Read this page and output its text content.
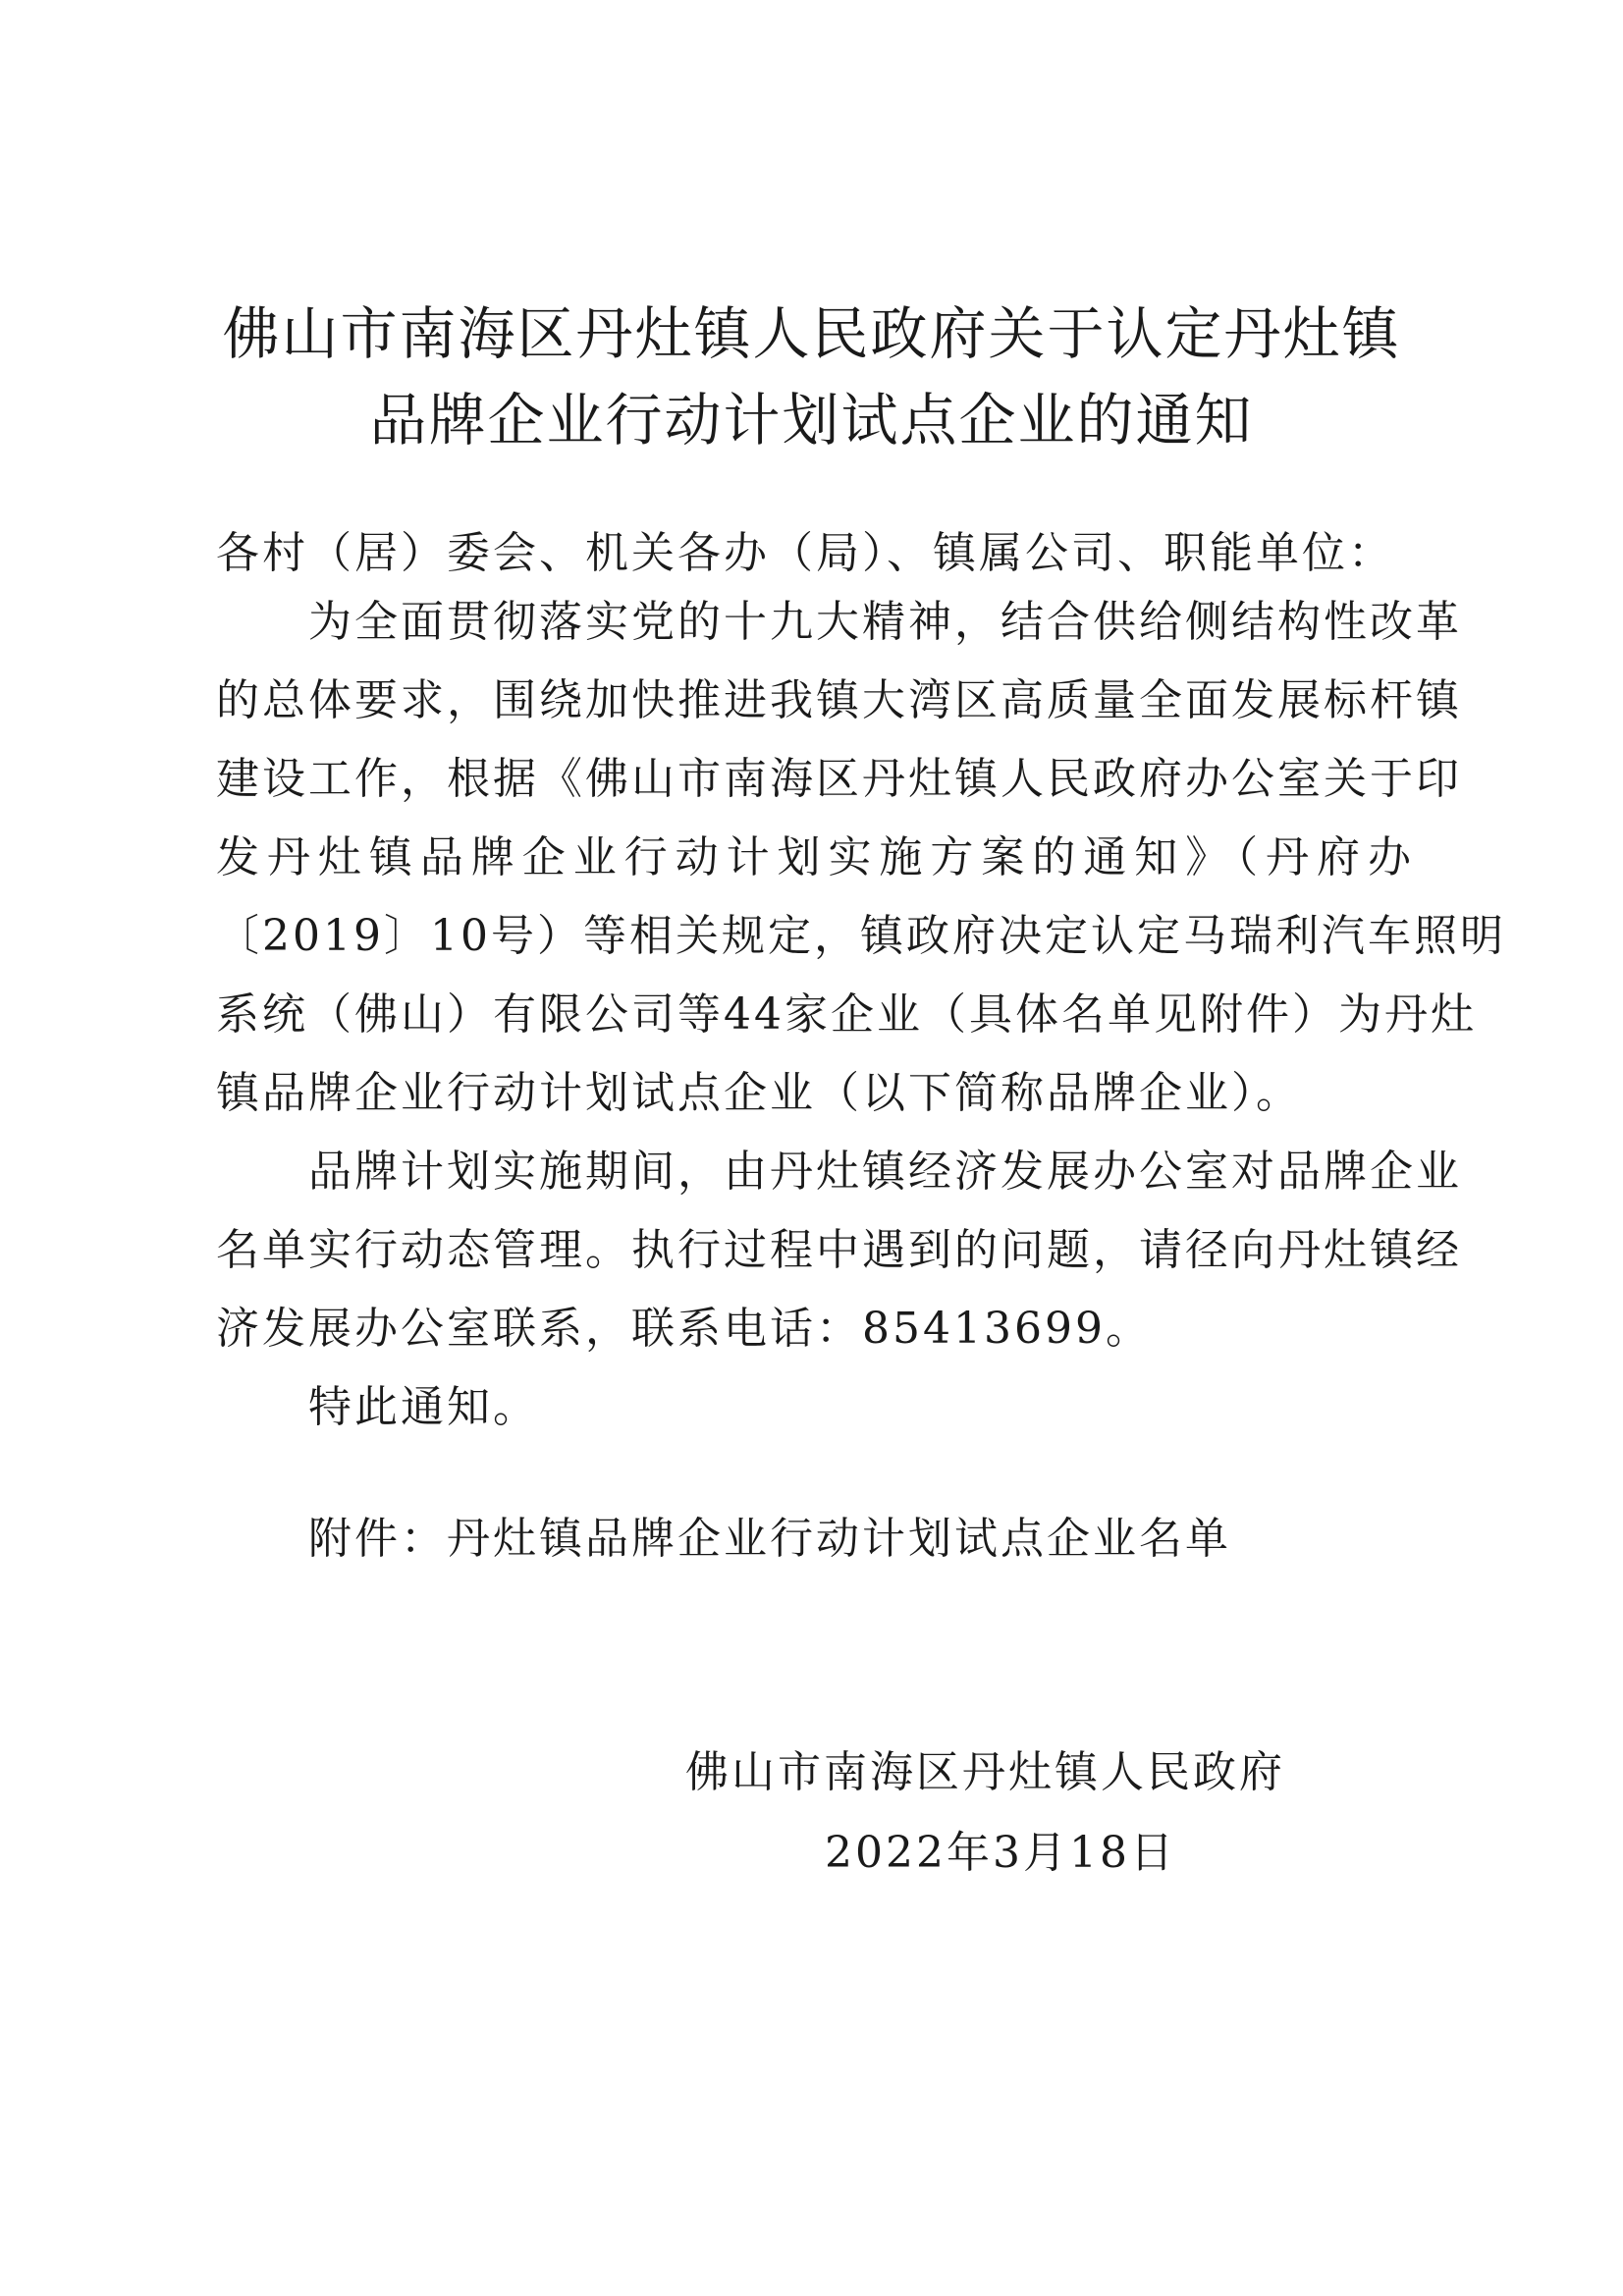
佛山市南海区丹灶镇人民政府关于认定丹灶镇
品牌企业行动计划试点企业的通知
各村（居）委会、机关各办（局）、镇属公司、职能单位：
为全面贯彻落实党的十九大精神，结合供给侧结构性改革
的总体要求，围绕加快推进我镇大湾区高质量全面发展标杆镇
建设工作，根据《佛山市南海区丹灶镇人民政府办公室关于印
发丹灶镇品牌企业行动计划实施方案的通知》（丹府办
〔2019〕10号）等相关规定，镇政府决定认定马瑞利汽车照明
系统（佛山）有限公司等44家企业（具体名单见附件）为丹灶
镇品牌企业行动计划试点企业（以下简称品牌企业）。
品牌计划实施期间，由丹灶镇经济发展办公室对品牌企业
名单实行动态管理。执行过程中遇到的问题，请径向丹灶镇经
济发展办公室联系，联系电话：85413699。
特此通知。
附件：丹灶镇品牌企业行动计划试点企业名单
佛山市南海区丹灶镇人民政府
2022年3月18日
